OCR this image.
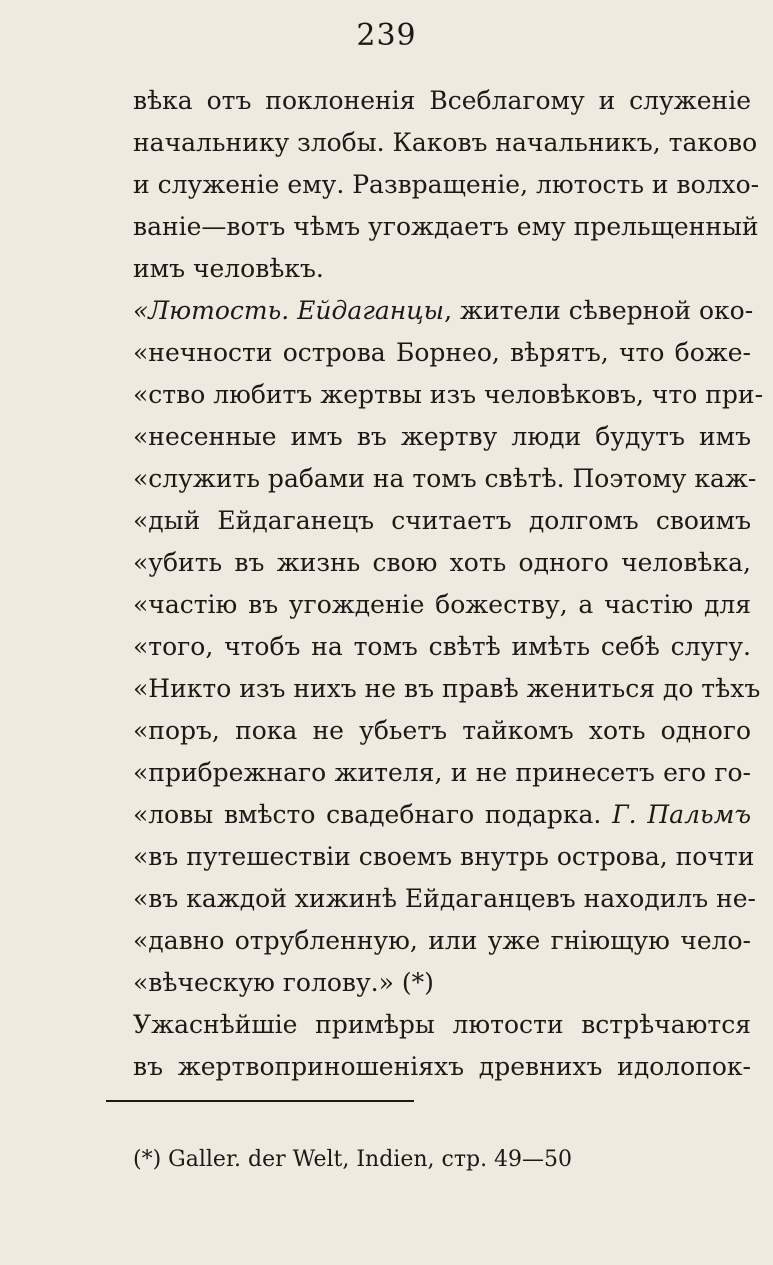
239
вѣка отъ поклоненія Всеблагому и служеніе
начальнику злобы. Каковъ начальникъ, таково
и служеніе ему. Развращеніе, лютость и волхо-
ваніе—вотъ чѣмъ угождаетъ ему прельщенный
имъ человѣкъ.
«Лютость. Ейдаганцы, жители сѣверной око-
«нечности острова Борнео, вѣрятъ, что боже-
«ство любитъ жертвы изъ человѣковъ, что при-
«несенные имъ въ жертву люди будутъ имъ
«служить рабами на томъ свѣтѣ. Поэтому каж-
«дый Ейдаганецъ считаетъ долгомъ своимъ
«убить въ жизнь свою хоть одного человѣка,
«частію въ угожденіе божеству, а частію для
«того, чтобъ на томъ свѣтѣ имѣть себѣ слугу.
«Никто изъ нихъ не въ правѣ жениться до тѣхъ
«поръ, пока не убьетъ тайкомъ хоть одного
«прибрежнаго жителя, и не принесетъ его го-
«ловы вмѣсто свадебнаго подарка. Г. Пальмъ
«въ путешествіи своемъ внутрь острова, почти
«въ каждой хижинѣ Ейдаганцевъ находилъ не-
«давно отрубленную, или уже гніющую чело-
«вѣческую голову.» (*)
Ужаснѣйшіе примѣры лютости встрѣчаются
въ жертвоприношеніяхъ древнихъ идолопок-
(*) Galler. der Welt, Indien, стр. 49—50
